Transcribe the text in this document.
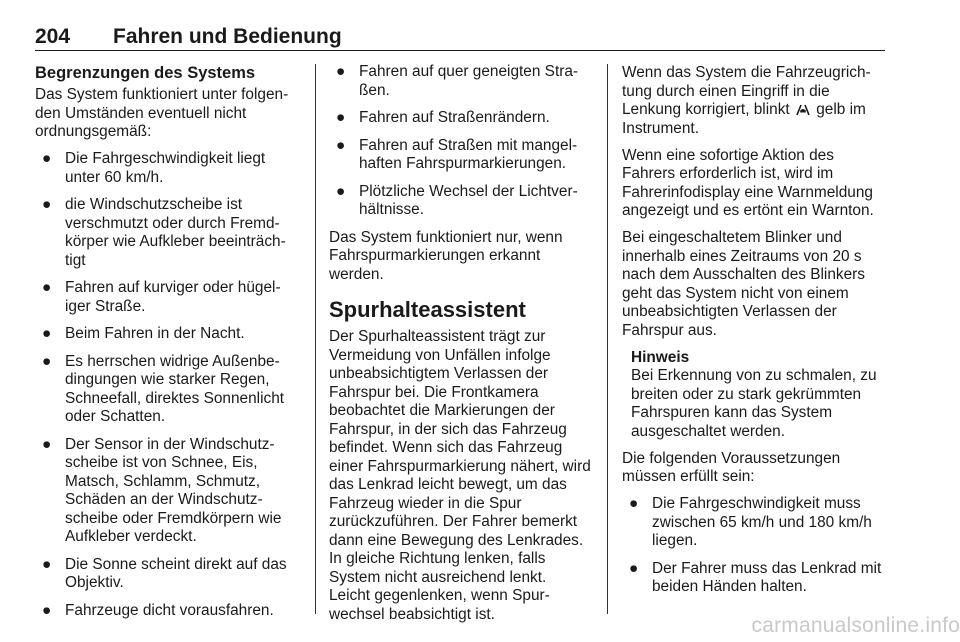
204 Fahren und Bedienung
Begrenzungen des Systems

Das System funktioniert unter folgen-den Umständen eventuell nicht ordnungsgemäß:

● Die Fahrgeschwindigkeit liegt unter 60 km/h.
● die Windschutzscheibe ist verschmutzt oder durch Fremd-körper wie Aufkleber beeinträch-tigt
● Fahren auf kurviger oder hügel-iger Straße.
● Beim Fahren in der Nacht.
● Es herrschen widrige Außenbe-dingungen wie starker Regen, Schneefall, direktes Sonnenlicht oder Schatten.
● Der Sensor in der Windschutz-scheibe ist von Schnee, Eis, Matsch, Schlamm, Schmutz, Schäden an der Windschutz-scheibe oder Fremdkörpern wie Aufkleber verdeckt.
● Die Sonne scheint direkt auf das Objektiv.
● Fahrzeuge dicht vorausfahren.
● Fahren auf quer geneigten Stra-ßen.
● Fahren auf Straßenrändern.
● Fahren auf Straßen mit mangel-haften Fahrspurmarkierungen.
● Plötzliche Wechsel der Lichtver-hältnisse.

Das System funktioniert nur, wenn Fahrspurmarkierungen erkannt werden.

Spurhalteassistent

Der Spurhalteassistent trägt zur Vermeidung von Unfällen infolge unbeabsichtigtem Verlassen der Fahrspur bei. Die Frontkamera beobachtet die Markierungen der Fahrspur, in der sich das Fahrzeug befindet. Wenn sich das Fahrzeug einer Fahrspurmarkierung nähert, wird das Lenkrad leicht bewegt, um das Fahrzeug wieder in die Spur zurückzuführen. Der Fahrer bemerkt dann eine Bewegung des Lenkrades. In gleiche Richtung lenken, falls System nicht ausreichend lenkt. Leicht gegenlenken, wenn Spur-wechsel beabsichtigt ist.

Wenn das System die Fahrzeugrich-tung durch einen Eingriff in die Lenkung korrigiert, blinkt gelb im Instrument.

Wenn eine sofortige Aktion des Fahrers erforderlich ist, wird im Fahrerinfodisplay eine Warnmeldung angezeigt und es ertönt ein Warnton.

Bei eingeschaltetem Blinker und innerhalb eines Zeitraums von 20 s nach dem Ausschalten des Blinkers geht das System nicht von einem unbeabsichtigten Verlassen der Fahrspur aus.

Hinweis
Bei Erkennung von zu schmalen, zu breiten oder zu stark gekrümmten Fahrspuren kann das System ausgeschaltet werden.

Die folgenden Voraussetzungen müssen erfüllt sein:

● Die Fahrgeschwindigkeit muss zwischen 65 km/h und 180 km/h liegen.
● Der Fahrer muss das Lenkrad mit beiden Händen halten.
carmanualsonline.info
